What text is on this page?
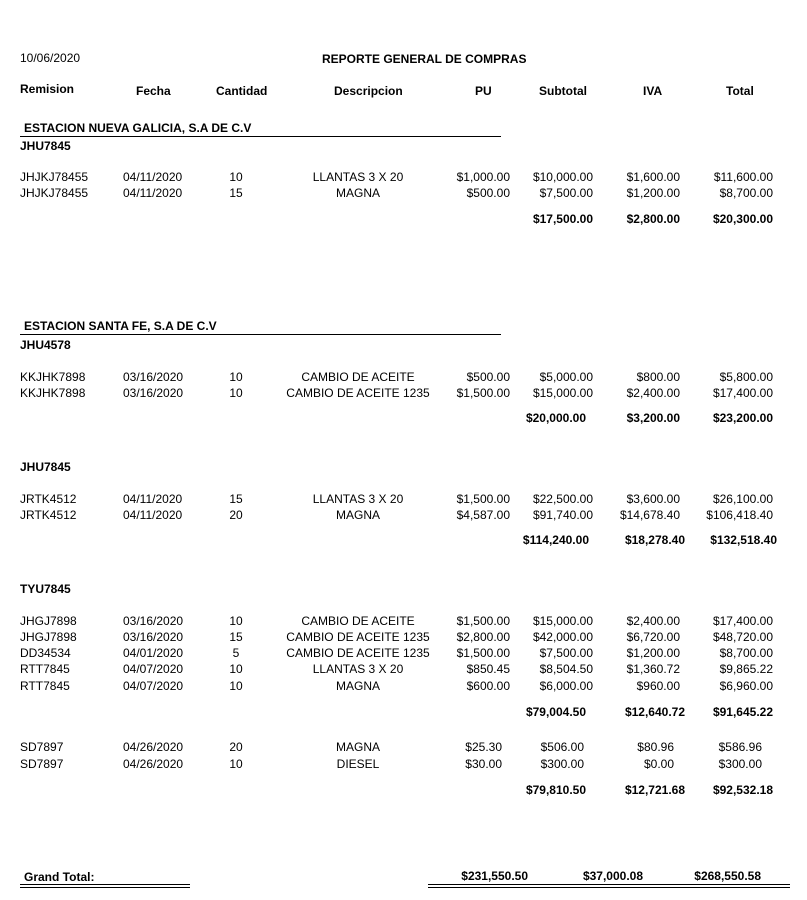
10/06/2020	REPORTE GENERAL DE COMPRAS
Remision	Fecha	Cantidad	Descripcion	PU	Subtotal	IVA	Total
ESTACION NUEVA GALICIA, S.A DE C.V
JHU7845
ESTACION SANTA FE, S.A DE C.V
JHU4578
JHU7845
TYU7845
JHJKJ78455	04/11/2020	10	LLANTAS 3 X 20	$1,000.00	$10,000.00	$1,600.00	$11,600.00
JHJKJ78455	04/11/2020	15	MAGNA	$500.00	$7,500.00	$1,200.00	$8,700.00
$17,500.00	$2,800.00	$20,300.00
KKJHK7898	03/16/2020	10	CAMBIO DE ACEITE	$500.00	$5,000.00	$800.00	$5,800.00
KKJHK7898	03/16/2020	10	CAMBIO DE ACEITE 1235	$1,500.00	$15,000.00	$2,400.00	$17,400.00
$20,000.00	$3,200.00	$23,200.00
JRTK4512	04/11/2020	15	LLANTAS 3 X 20	$1,500.00	$22,500.00	$3,600.00	$26,100.00
JRTK4512	04/11/2020	20	MAGNA	$4,587.00	$91,740.00	$14,678.40	$106,418.40
$114,240.00	$18,278.40	$132,518.40
JHGJ7898	03/16/2020	10	CAMBIO DE ACEITE	$1,500.00	$15,000.00	$2,400.00	$17,400.00
JHGJ7898	03/16/2020	15	CAMBIO DE ACEITE 1235	$2,800.00	$42,000.00	$6,720.00	$48,720.00
DD34534	04/01/2020	5	CAMBIO DE ACEITE 1235	$1,500.00	$7,500.00	$1,200.00	$8,700.00
RTT7845	04/07/2020	10	LLANTAS 3 X 20	$850.45	$8,504.50	$1,360.72	$9,865.22
RTT7845	04/07/2020	10	MAGNA	$600.00	$6,000.00	$960.00	$6,960.00
$79,004.50	$12,640.72	$91,645.22
SD7897	04/26/2020	20	MAGNA	$25.30	$506.00	$80.96	$586.96
SD7897	04/26/2020	10	DIESEL	$30.00	$300.00	$0.00	$300.00
$79,810.50	$12,721.68	$92,532.18
Grand Total:	$231,550.50	$37,000.08	$268,550.58
